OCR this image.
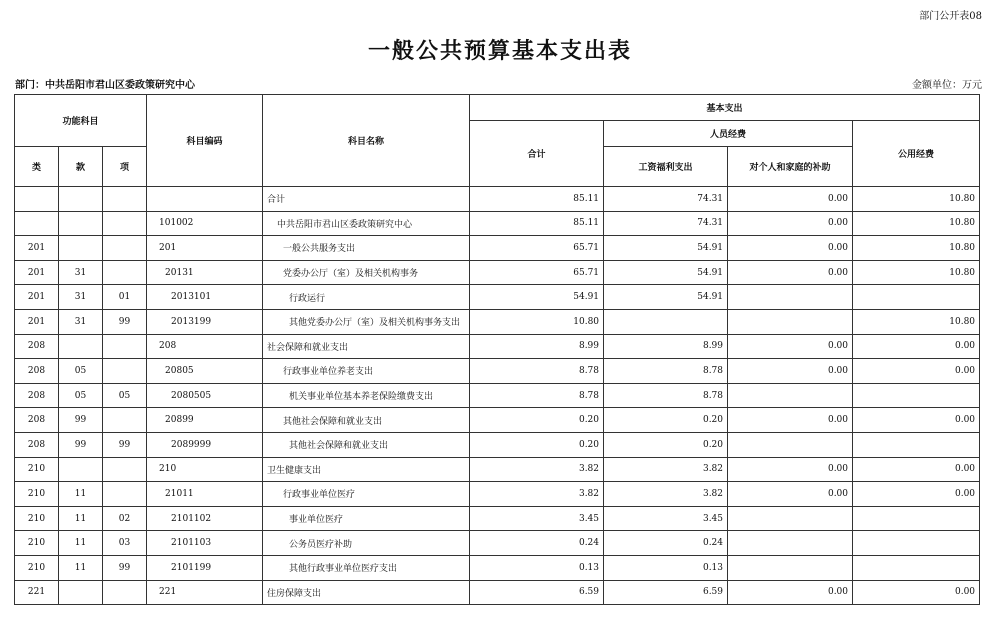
部门公开表08
一般公共预算基本支出表
部门：中共岳阳市君山区委政策研究中心	金额单位：万元
功能科目			科目编码	科目名称	基本支出			
					合计	人员经费		公用经费
类	款	项				工资福利支出	对个人和家庭的补助	
				合计	85.11	74.31	0.00	10.80
			101002	中共岳阳市君山区委政策研究中心	85.11	74.31	0.00	10.80
201			201	一般公共服务支出	65.71	54.91	0.00	10.80
201	31		20131	党委办公厅（室）及相关机构事务	65.71	54.91	0.00	10.80
201	31	01	2013101	行政运行	54.91	54.91		
201	31	99	2013199	其他党委办公厅（室）及相关机构事务支出	10.80			10.80
208			208	社会保障和就业支出	8.99	8.99	0.00	0.00
208	05		20805	行政事业单位养老支出	8.78	8.78	0.00	0.00
208	05	05	2080505	机关事业单位基本养老保险缴费支出	8.78	8.78		
208	99		20899	其他社会保障和就业支出	0.20	0.20	0.00	0.00
208	99	99	2089999	其他社会保障和就业支出	0.20	0.20		
210			210	卫生健康支出	3.82	3.82	0.00	0.00
210	11		21011	行政事业单位医疗	3.82	3.82	0.00	0.00
210	11	02	2101102	事业单位医疗	3.45	3.45		
210	11	03	2101103	公务员医疗补助	0.24	0.24		
210	11	99	2101199	其他行政事业单位医疗支出	0.13	0.13		
221			221	住房保障支出	6.59	6.59	0.00	0.00
